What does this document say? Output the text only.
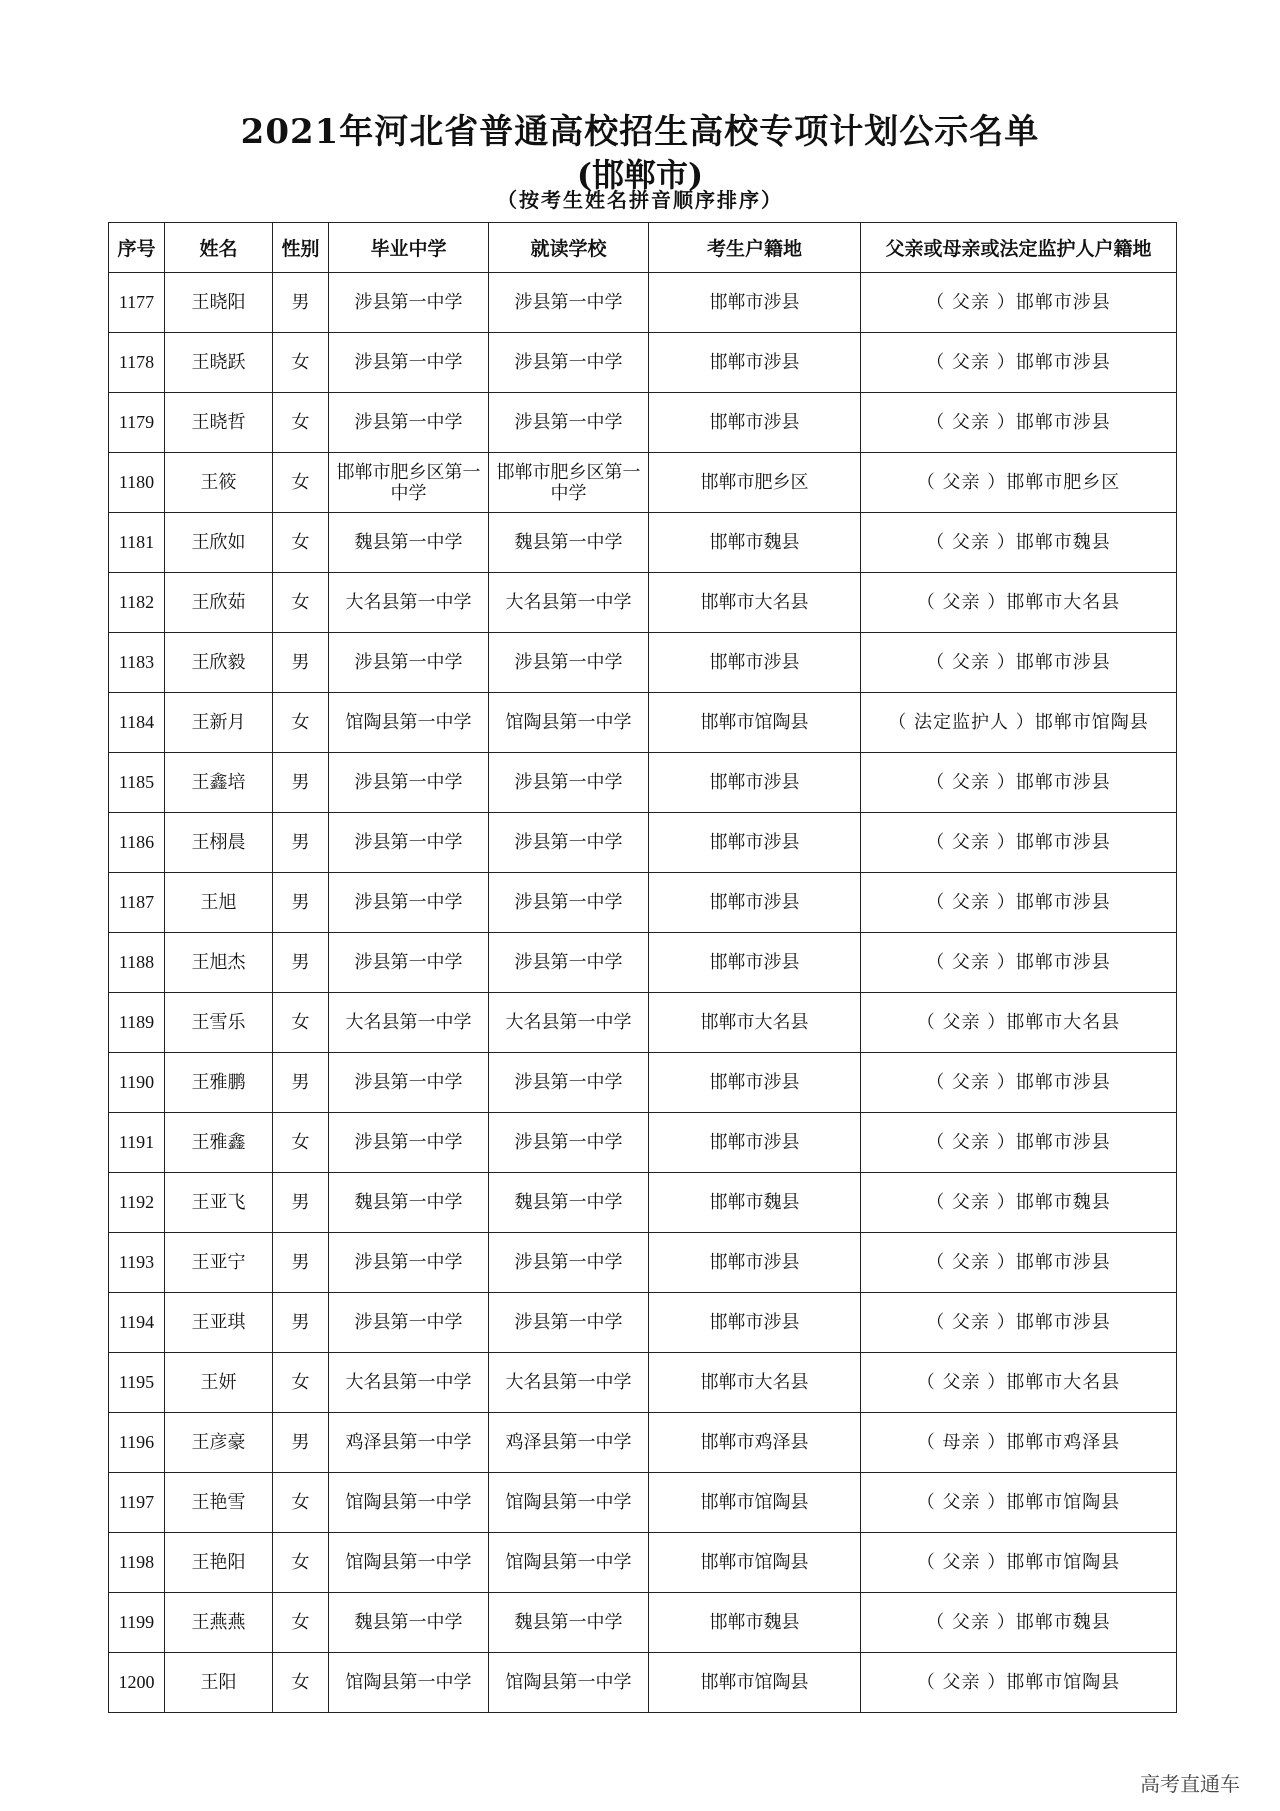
2021年河北省普通高校招生高校专项计划公示名单
(邯郸市)
（按考生姓名拼音顺序排序）
序号	姓名	性别	毕业中学	就读学校	考生户籍地	父亲或母亲或法定监护人户籍地
1177	王晓阳	男	涉县第一中学	涉县第一中学	邯郸市涉县	（ 父亲 ）邯郸市涉县
1178	王晓跃	女	涉县第一中学	涉县第一中学	邯郸市涉县	（ 父亲 ）邯郸市涉县
1179	王晓哲	女	涉县第一中学	涉县第一中学	邯郸市涉县	（ 父亲 ）邯郸市涉县
1180	王筱	女	邯郸市肥乡区第一中学	邯郸市肥乡区第一中学	邯郸市肥乡区	（ 父亲 ）邯郸市肥乡区
1181	王欣如	女	魏县第一中学	魏县第一中学	邯郸市魏县	（ 父亲 ）邯郸市魏县
1182	王欣茹	女	大名县第一中学	大名县第一中学	邯郸市大名县	（ 父亲 ）邯郸市大名县
1183	王欣毅	男	涉县第一中学	涉县第一中学	邯郸市涉县	（ 父亲 ）邯郸市涉县
1184	王新月	女	馆陶县第一中学	馆陶县第一中学	邯郸市馆陶县	（ 法定监护人 ）邯郸市馆陶县
1185	王鑫培	男	涉县第一中学	涉县第一中学	邯郸市涉县	（ 父亲 ）邯郸市涉县
1186	王栩晨	男	涉县第一中学	涉县第一中学	邯郸市涉县	（ 父亲 ）邯郸市涉县
1187	王旭	男	涉县第一中学	涉县第一中学	邯郸市涉县	（ 父亲 ）邯郸市涉县
1188	王旭杰	男	涉县第一中学	涉县第一中学	邯郸市涉县	（ 父亲 ）邯郸市涉县
1189	王雪乐	女	大名县第一中学	大名县第一中学	邯郸市大名县	（ 父亲 ）邯郸市大名县
1190	王雅鹏	男	涉县第一中学	涉县第一中学	邯郸市涉县	（ 父亲 ）邯郸市涉县
1191	王雅鑫	女	涉县第一中学	涉县第一中学	邯郸市涉县	（ 父亲 ）邯郸市涉县
1192	王亚飞	男	魏县第一中学	魏县第一中学	邯郸市魏县	（ 父亲 ）邯郸市魏县
1193	王亚宁	男	涉县第一中学	涉县第一中学	邯郸市涉县	（ 父亲 ）邯郸市涉县
1194	王亚琪	男	涉县第一中学	涉县第一中学	邯郸市涉县	（ 父亲 ）邯郸市涉县
1195	王妍	女	大名县第一中学	大名县第一中学	邯郸市大名县	（ 父亲 ）邯郸市大名县
1196	王彦豪	男	鸡泽县第一中学	鸡泽县第一中学	邯郸市鸡泽县	（ 母亲 ）邯郸市鸡泽县
1197	王艳雪	女	馆陶县第一中学	馆陶县第一中学	邯郸市馆陶县	（ 父亲 ）邯郸市馆陶县
1198	王艳阳	女	馆陶县第一中学	馆陶县第一中学	邯郸市馆陶县	（ 父亲 ）邯郸市馆陶县
1199	王燕燕	女	魏县第一中学	魏县第一中学	邯郸市魏县	（ 父亲 ）邯郸市魏县
1200	王阳	女	馆陶县第一中学	馆陶县第一中学	邯郸市馆陶县	（ 父亲 ）邯郸市馆陶县
高考直通车
